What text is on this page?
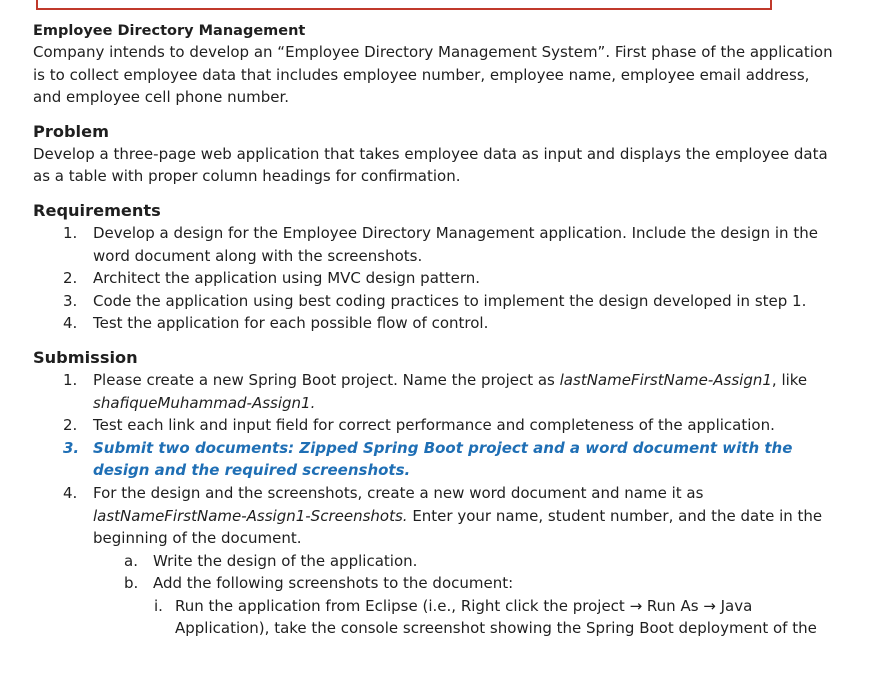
Employee Directory Management

Company intends to develop an “Employee Directory Management System”. First phase of the application is to collect employee data that includes employee number, employee name, employee email address, and employee cell phone number.

Problem

Develop a three-page web application that takes employee data as input and displays the employee data as a table with proper column headings for confirmation.

Requirements
1. Develop a design for the Employee Directory Management application. Include the design in the word document along with the screenshots.
2. Architect the application using MVC design pattern.
3. Code the application using best coding practices to implement the design developed in step 1.
4. Test the application for each possible flow of control.
Submission
1. Please create a new Spring Boot project. Name the project as lastNameFirstName-Assign1, like shafiqueMuhammad-Assign1.
2. Test each link and input field for correct performance and completeness of the application.
3. Submit two documents: Zipped Spring Boot project and a word document with the design and the required screenshots.
4. For the design and the screenshots, create a new word document and name it as lastNameFirstName-Assign1-Screenshots. Enter your name, student number, and the date in the beginning of the document.
a. Write the design of the application.
b. Add the following screenshots to the document:
i. Run the application from Eclipse (i.e., Right click the project → Run As → Java Application), take the console screenshot showing the Spring Boot deployment of the
